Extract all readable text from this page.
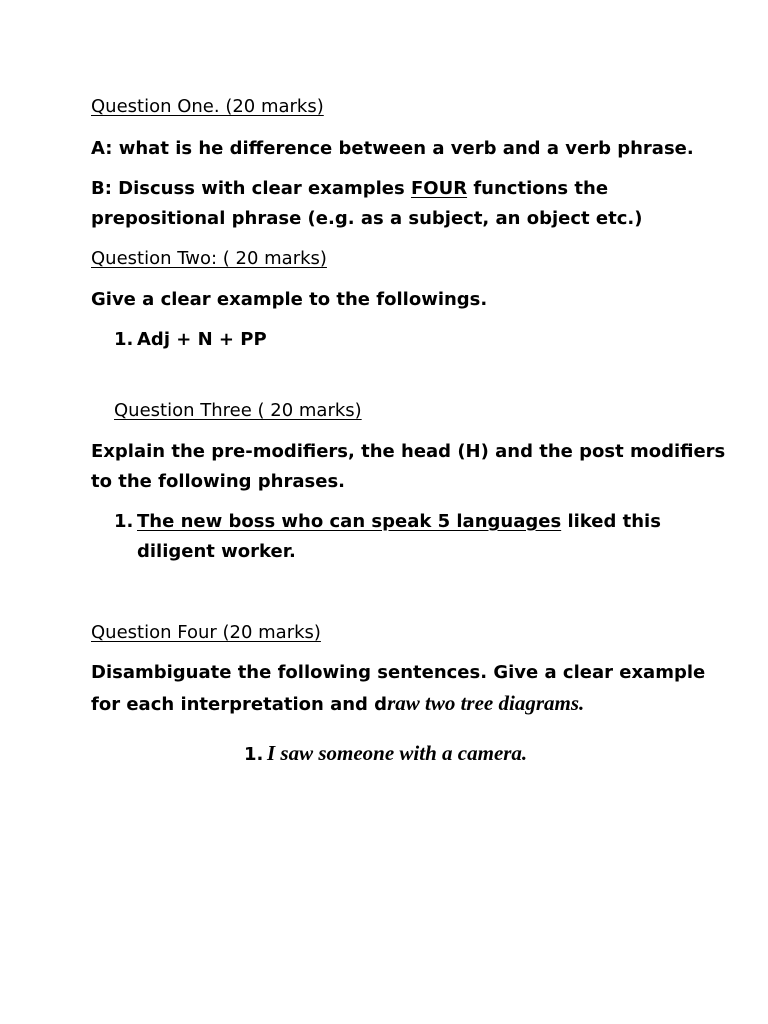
Question One. (20 marks)
A: what is he difference between a verb and a verb phrase.
B: Discuss with clear examples FOUR functions the
prepositional phrase (e.g. as a subject, an object etc.)
Question Two: ( 20 marks)
Give a clear example to the followings.
1. Adj + N + PP
Question Three ( 20 marks)
Explain the pre-modifiers, the head (H) and the post modifiers
to the following phrases.
1. The new boss who can speak 5 languages liked this
diligent worker.
Question Four (20 marks)
Disambiguate the following sentences. Give a clear example
for each interpretation and draw two tree diagrams.
1. I saw someone with a camera.
